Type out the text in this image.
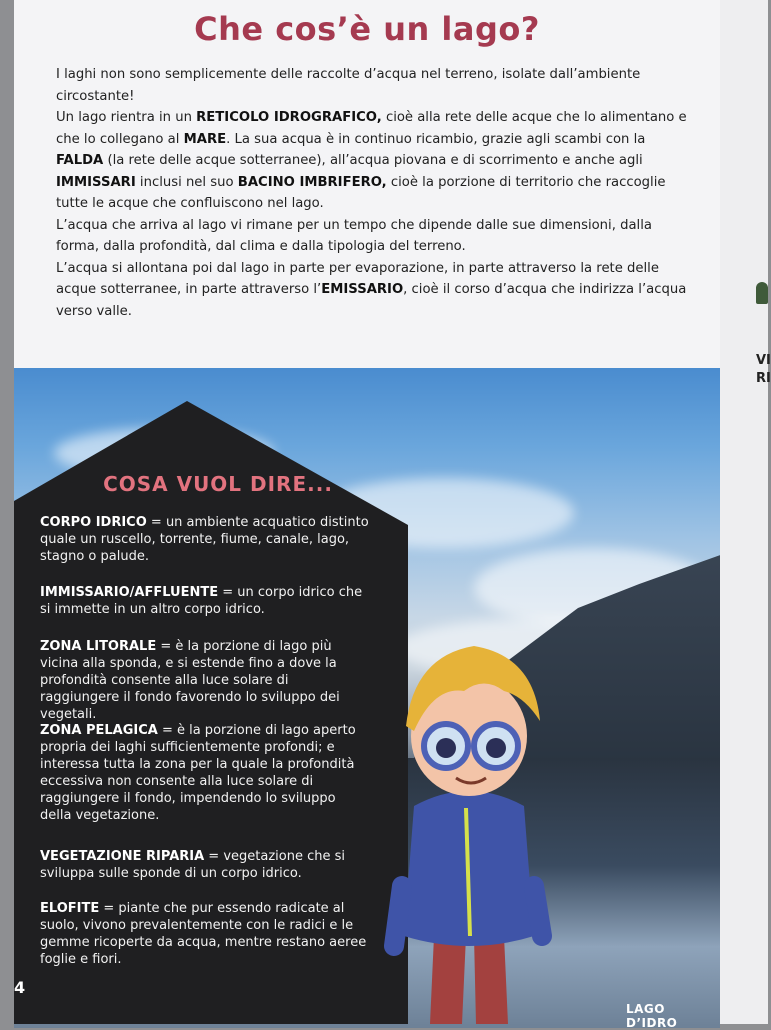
Che cos’è un lago?

I laghi non sono semplicemente delle raccolte d’acqua nel terreno, isolate dall’ambiente circostante!

Un lago rientra in un RETICOLO IDROGRAFICO, cioè alla rete delle acque che lo alimentano e che lo collegano al MARE. La sua acqua è in continuo ricambio, grazie agli scambi con la FALDA (la rete delle acque sotterranee), all’acqua piovana e di scorrimento e anche agli IMMISSARI inclusi nel suo BACINO IMBRIFERO, cioè la porzione di territorio che raccoglie tutte le acque che confluiscono nel lago.

L’acqua che arriva al lago vi rimane per un tempo che dipende dalle sue dimensioni, dalla forma, dalla profondità, dal clima e dalla tipologia del terreno.

L’acqua si allontana poi dal lago in parte per evaporazione, in parte attraverso la rete delle acque sotterranee, in parte attraverso l’EMISSARIO, cioè il corso d’acqua che indirizza l’acqua verso valle.

COSA VUOL DIRE...
CORPO IDRICO = un ambiente acquatico distinto quale un ruscello, torrente, fiume, canale, lago, stagno o palude.
IMMISSARIO/AFFLUENTE = un corpo idrico che si immette in un altro corpo idrico.
ZONA LITORALE = è la porzione di lago più vicina alla sponda, e si estende fino a dove la profondità consente alla luce solare di raggiungere il fondo favorendo lo sviluppo dei vegetali.
ZONA PELAGICA = è la porzione di lago aperto propria dei laghi sufficientemente profondi; e interessa tutta la zona per la quale la profondità eccessiva non consente alla luce solare di raggiungere il fondo, impendendo lo sviluppo della vegetazione.
VEGETAZIONE RIPARIA = vegetazione che si sviluppa sulle sponde di un corpo idrico.
ELOFITE = piante che pur essendo radicate al suolo, vivono prevalentemente con le radici e le gemme ricoperte da acqua, mentre restano aeree foglie e fiori.
4
LAGO D’IDRO
VI
RI
